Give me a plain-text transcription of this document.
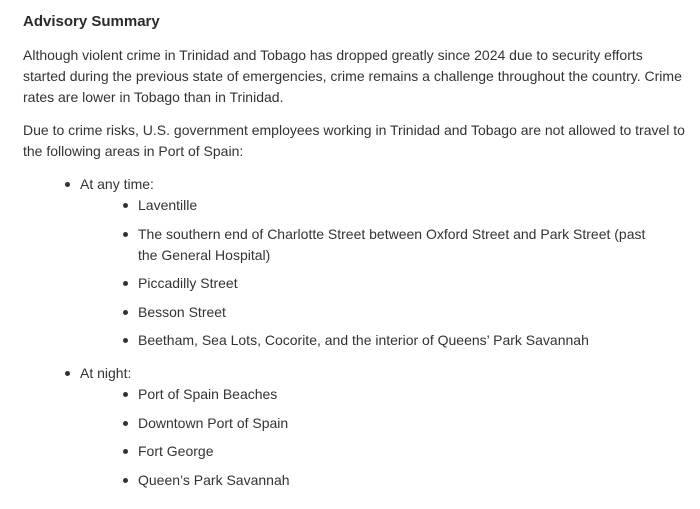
Advisory Summary

Although violent crime in Trinidad and Tobago has dropped greatly since 2024 due to security efforts started during the previous state of emergencies, crime remains a challenge throughout the country. Crime rates are lower in Tobago than in Trinidad.

Due to crime risks, U.S. government employees working in Trinidad and Tobago are not allowed to travel to the following areas in Port of Spain:

At any time:
Laventille
The southern end of Charlotte Street between Oxford Street and Park Street (past the General Hospital)
Piccadilly Street
Besson Street
Beetham, Sea Lots, Cocorite, and the interior of Queens’ Park Savannah
At night:
Port of Spain Beaches
Downtown Port of Spain
Fort George
Queen’s Park Savannah
